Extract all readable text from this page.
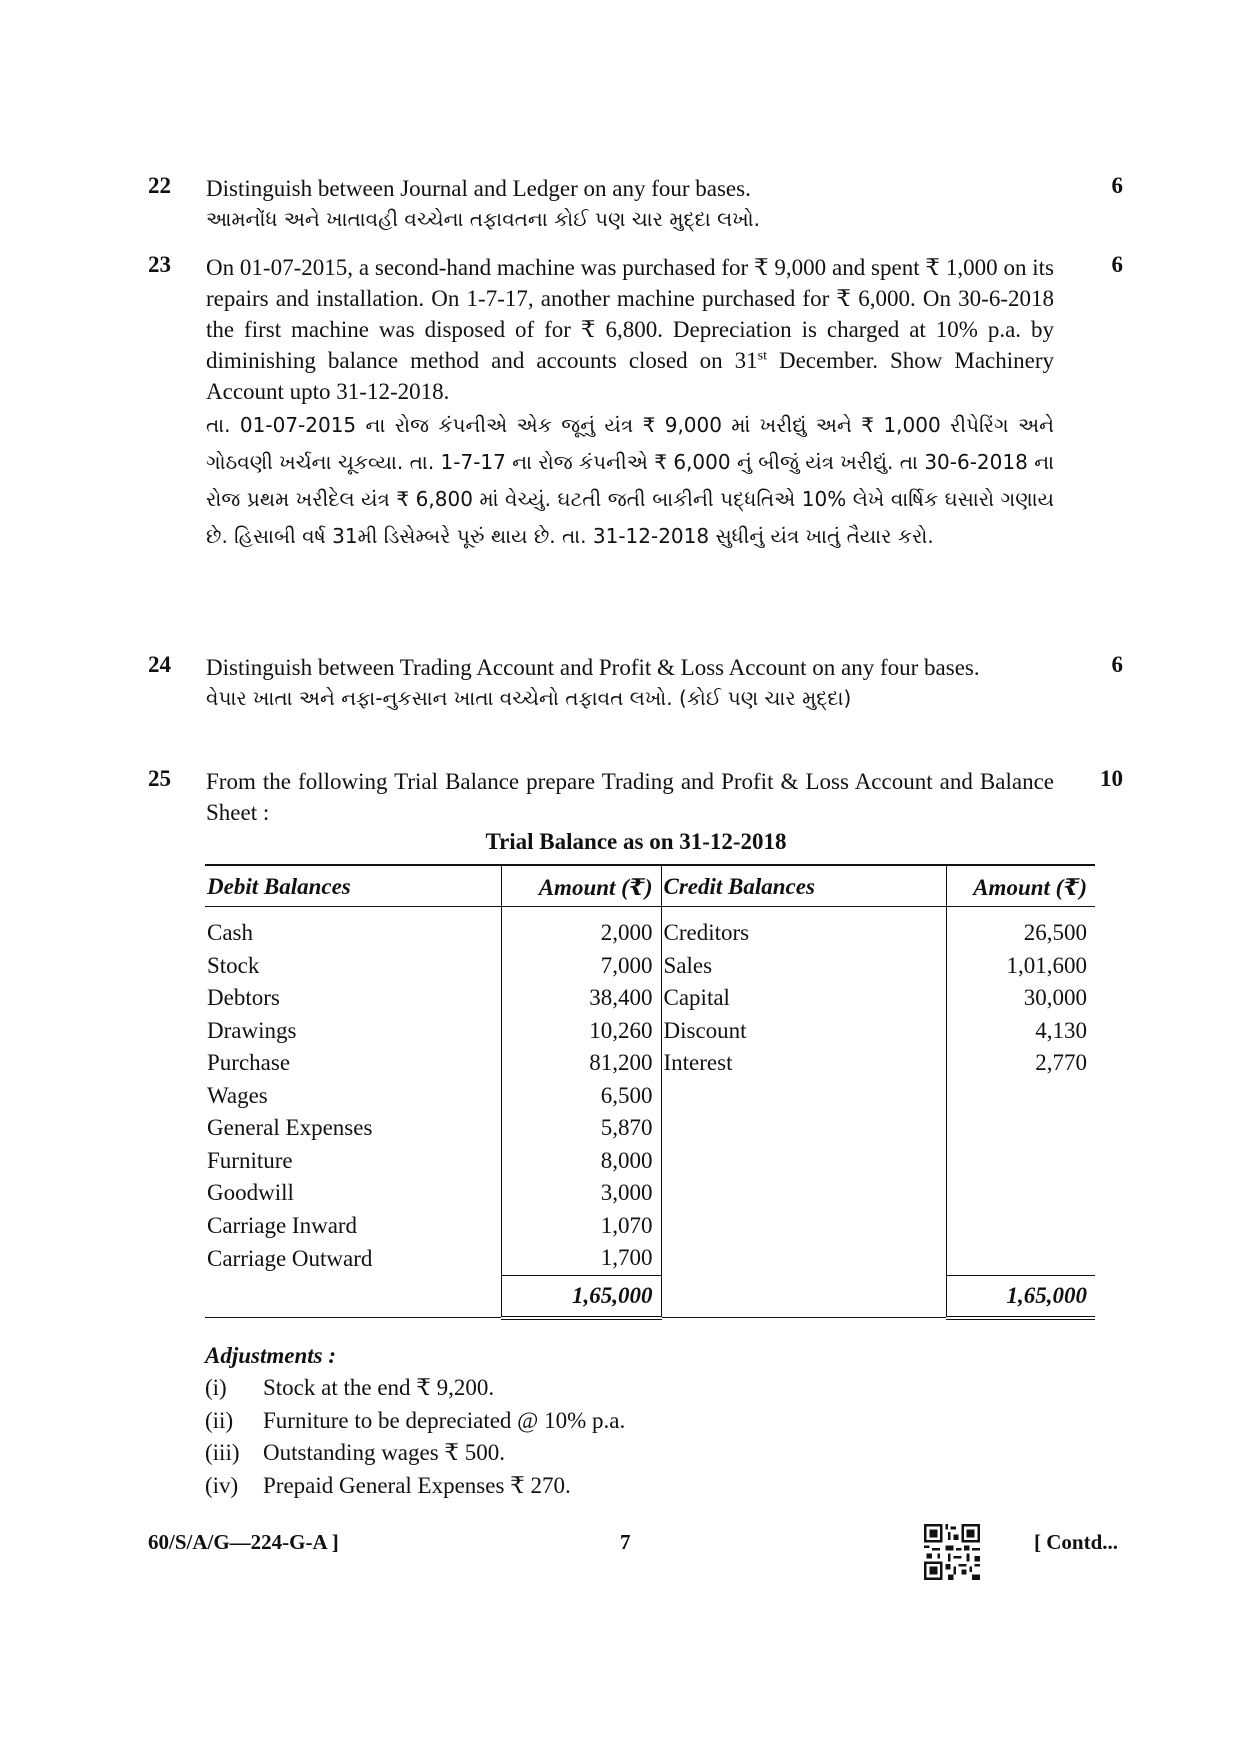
22	Distinguish between Journal and Ledger on any four bases.
આમનોંધ અને ખાતાવહી વચ્ચેના તફાવતના કોઈ પણ ચાર મુદ્દા લખો.
6
23	On 01-07-2015, a second-hand machine was purchased for ₹ 9,000 and spent ₹ 1,000 on its repairs and installation. On 1-7-17, another machine purchased for ₹ 6,000. On 30-6-2018 the first machine was disposed of for ₹ 6,800. Depreciation is charged at 10% p.a. by diminishing balance method and accounts closed on 31st December. Show Machinery Account upto 31-12-2018.
તા. 01-07-2015 ના રોજ કંપનીએ એક જૂનું યંત્ર ₹ 9,000 માં ખરીદ્યું અને ₹ 1,000 રીપેરિંગ અને ગોઠવણી ખર્ચના ચૂકવ્યા. તા. 1-7-17 ના રોજ કંપનીએ ₹ 6,000 નું બીજું યંત્ર ખરીદ્યું. તા 30-6-2018 ના રોજ પ્રથમ ખરીદેલ યંત્ર ₹ 6,800 માં વેચ્યું. ઘટતી જતી બાકીની પદ્ધતિએ 10% લેખે વાર્ષિક ઘસારો ગણાય છે. હિસાબી વર્ષ 31મી ડિસેમ્બરે પૂરું થાય છે. તા. 31-12-2018 સુધીનું યંત્ર ખાતું તૈયાર કરો.
6
24	Distinguish between Trading Account and Profit & Loss Account on any four bases.
વેપાર ખાતા અને નફા-નુકસાન ખાતા વચ્ચેનો તફાવત લખો. (કોઈ પણ ચાર મુદ્દા)
6
25	From the following Trial Balance prepare Trading and Profit & Loss Account and Balance Sheet :
10
Trial Balance as on 31-12-2018
Debit Balances	Amount (₹)	Credit Balances	Amount (₹)
Cash	2,000	Creditors	26,500
Stock	7,000	Sales	1,01,600
Debtors	38,400	Capital	30,000
Drawings	10,260	Discount	4,130
Purchase	81,200	Interest	2,770
Wages	6,500		
General Expenses	5,870		
Furniture	8,000		
Goodwill	3,000		
Carriage Inward	1,070		
Carriage Outward	1,700		
	1,65,000		1,65,000
Adjustments :
(i) Stock at the end ₹ 9,200.
(ii) Furniture to be depreciated @ 10% p.a.
(iii) Outstanding wages ₹ 500.
(iv) Prepaid General Expenses ₹ 270.
60/S/A/G—224-G-A ]	7	[ Contd...
